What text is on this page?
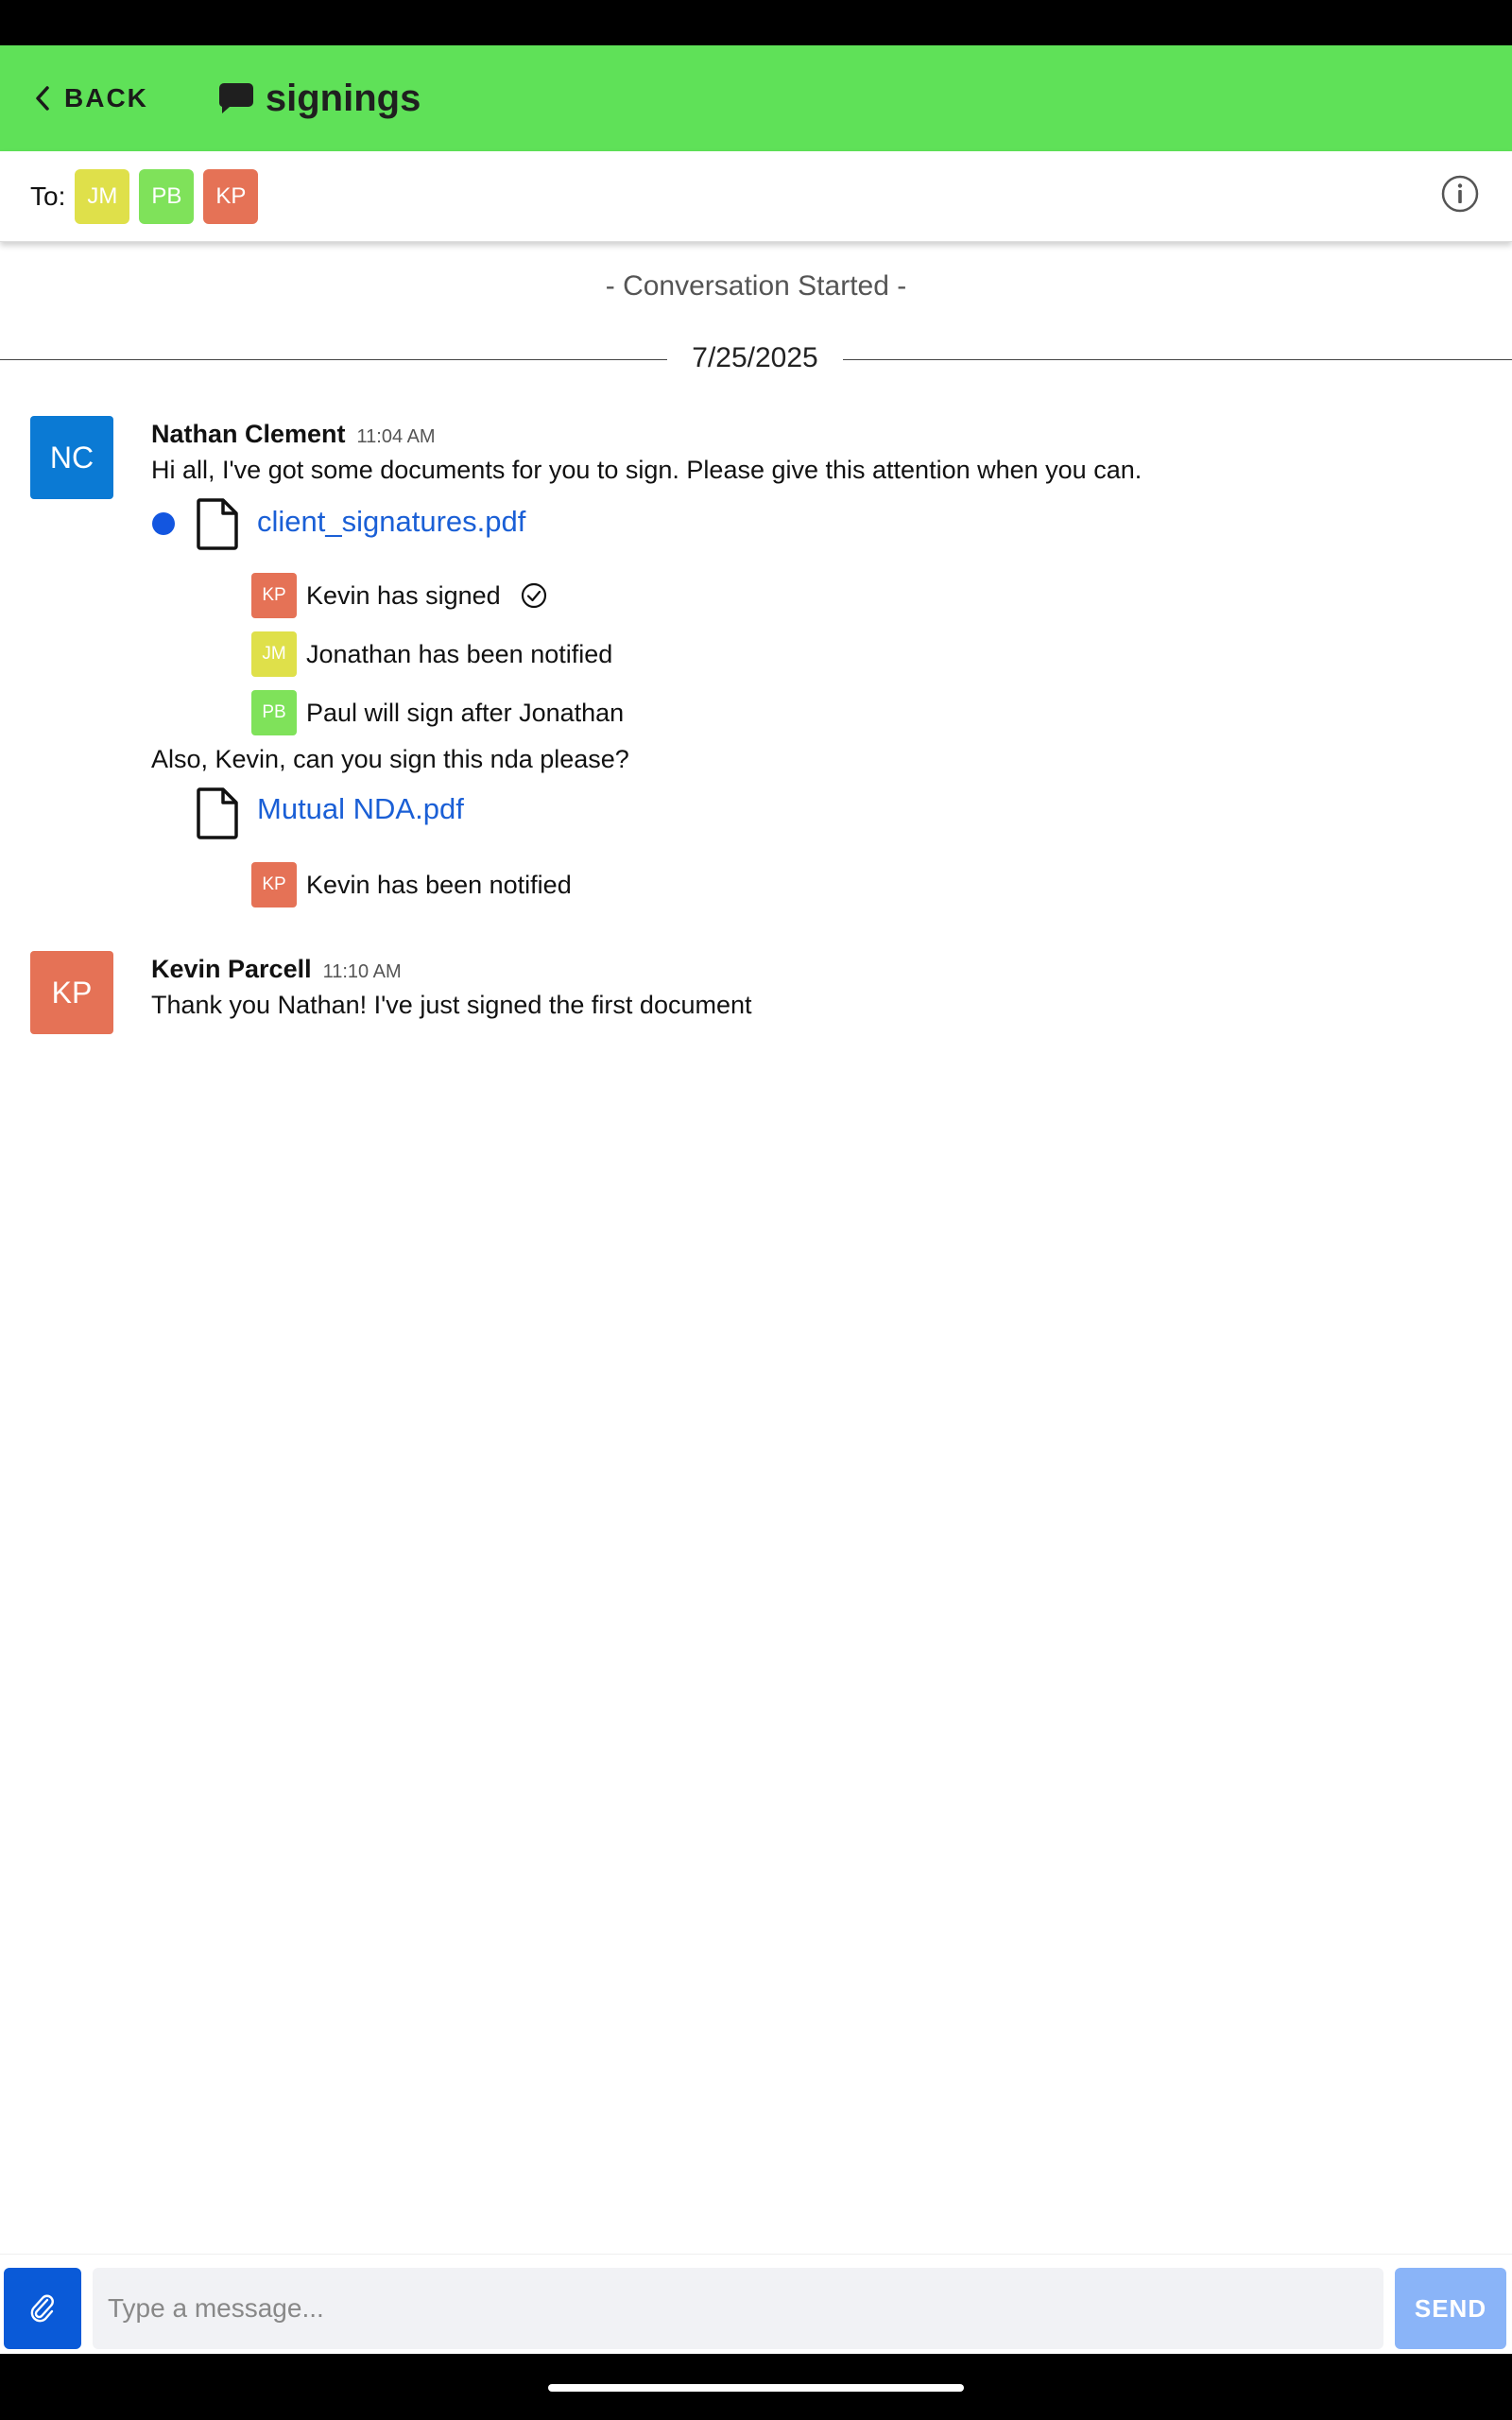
BACK	signings
To: JM	PB	KP
- Conversation Started -
7/25/2025
NC
Nathan Clement 11:04 AM
Hi all, I've got some documents for you to sign. Please give this attention when you can.
client_signatures.pdf
KP Kevin has signed
JM Jonathan has been notified
PB Paul will sign after Jonathan
Also, Kevin, can you sign this nda please?
Mutual NDA.pdf
KP Kevin has been notified
KP
Kevin Parcell 11:10 AM
Thank you Nathan! I've just signed the first document
Type a message...
SEND
